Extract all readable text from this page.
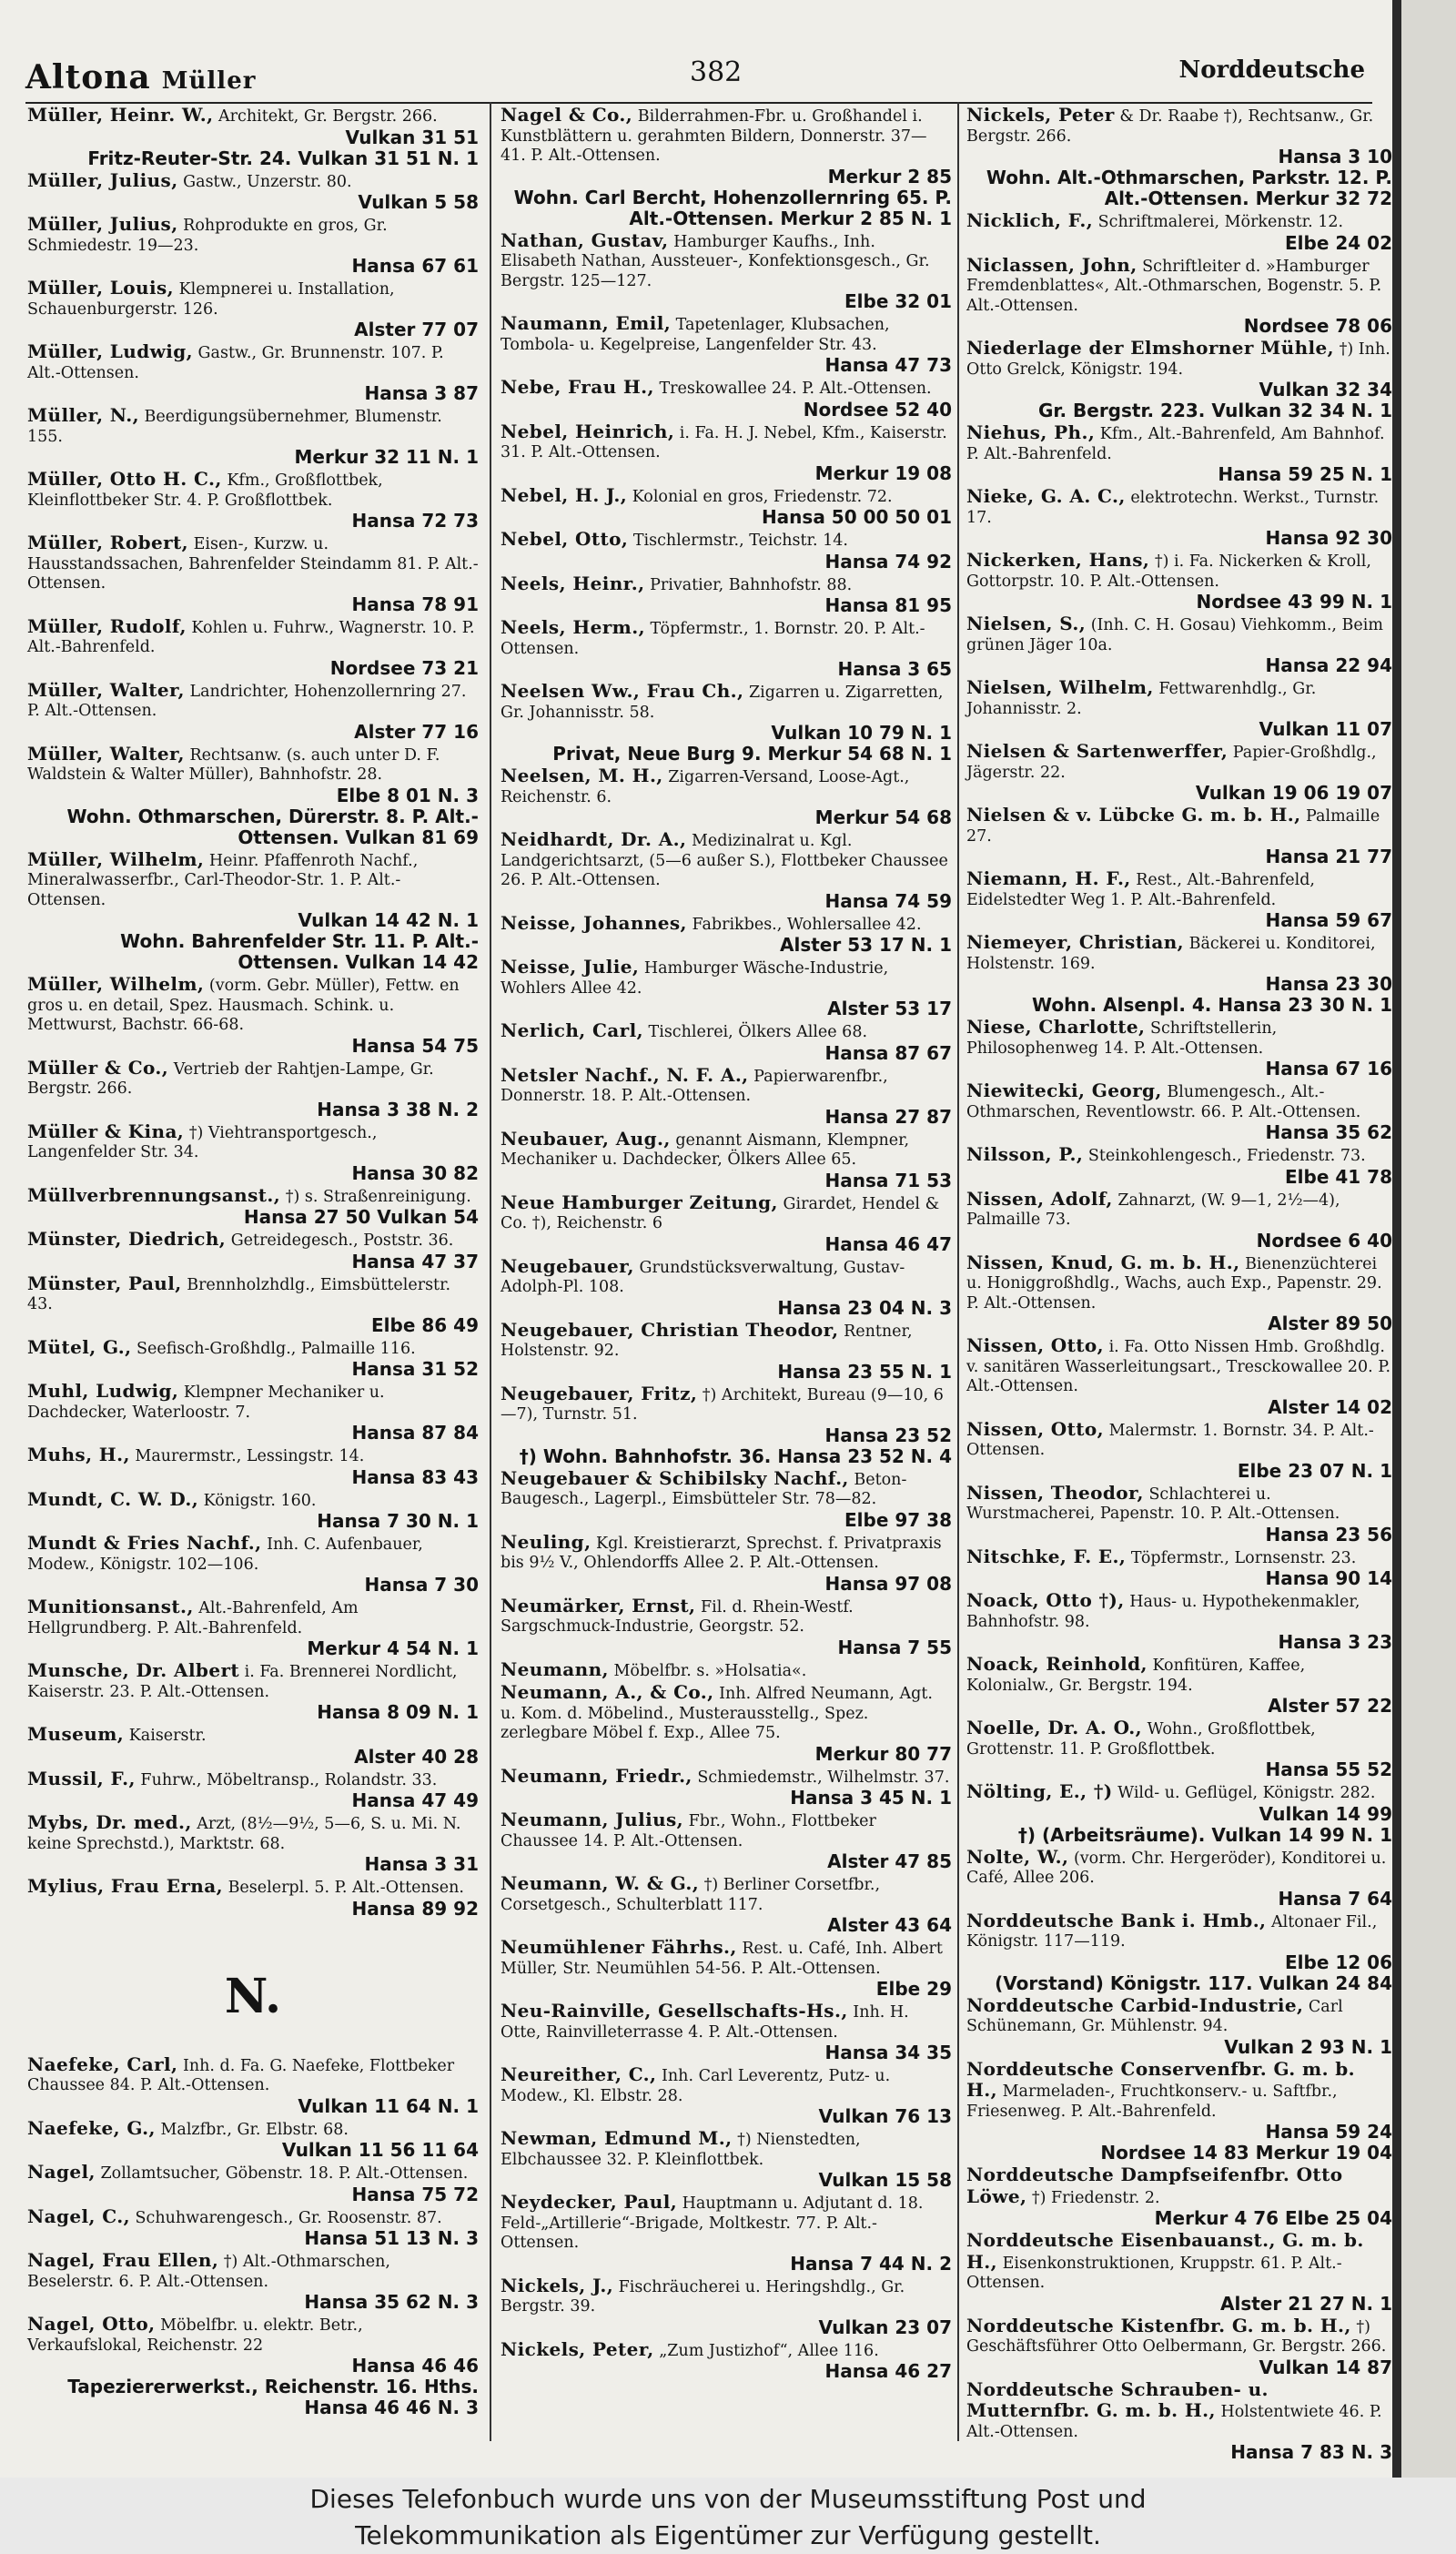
Altona Müller	382	Norddeutsche
Müller, Heinr. W., Architekt, Gr. Bergstr. 266.
Vulkan 31 51
Fritz-Reuter-Str. 24. Vulkan 31 51 N. 1
Müller, Julius, Gastw., Unzerstr. 80.
Vulkan 5 58
Müller, Julius, Rohprodukte en gros, Gr. Schmiedestr. 19—23.
Hansa 67 61
Müller, Louis, Klempnerei u. Installation, Schauenburgerstr. 126.
Alster 77 07
Müller, Ludwig, Gastw., Gr. Brunnenstr. 107. P. Alt.-Ottensen.
Hansa 3 87
Müller, N., Beerdigungsübernehmer, Blumenstr. 155.
Merkur 32 11 N. 1
Müller, Otto H. C., Kfm., Großflottbek, Kleinflottbeker Str. 4. P. Großflottbek.
Hansa 72 73
Müller, Robert, Eisen-, Kurzw. u. Hausstandssachen, Bahrenfelder Steindamm 81. P. Alt.-Ottensen.
Hansa 78 91
Müller, Rudolf, Kohlen u. Fuhrw., Wagnerstr. 10. P. Alt.-Bahrenfeld.
Nordsee 73 21
Müller, Walter, Landrichter, Hohenzollernring 27. P. Alt.-Ottensen.
Alster 77 16
Müller, Walter, Rechtsanw. (s. auch unter D. F. Waldstein & Walter Müller), Bahnhofstr. 28.
Elbe 8 01 N. 3
Wohn. Othmarschen, Dürerstr. 8. P. Alt.-Ottensen. Vulkan 81 69
Müller, Wilhelm, Heinr. Pfaffenroth Nachf., Mineralwasserfbr., Carl-Theodor-Str. 1. P. Alt.-Ottensen.
Vulkan 14 42 N. 1
Wohn. Bahrenfelder Str. 11. P. Alt.-Ottensen. Vulkan 14 42
Müller, Wilhelm, (vorm. Gebr. Müller), Fettw. en gros u. en detail, Spez. Hausmach. Schink. u. Mettwurst, Bachstr. 66-68.
Hansa 54 75
Müller & Co., Vertrieb der Rahtjen-Lampe, Gr. Bergstr. 266.
Hansa 3 38 N. 2
Müller & Kina, †) Viehtransportgesch., Langenfelder Str. 34.
Hansa 30 82
Müllverbrennungsanst., †) s. Straßenreinigung.
Hansa 27 50 Vulkan 54
Münster, Diedrich, Getreidegesch., Poststr. 36.
Hansa 47 37
Münster, Paul, Brennholzhdlg., Eimsbüttelerstr. 43.
Elbe 86 49
Mütel, G., Seefisch-Großhdlg., Palmaille 116.
Hansa 31 52
Muhl, Ludwig, Klempner Mechaniker u. Dachdecker, Waterloostr. 7.
Hansa 87 84
Muhs, H., Maurermstr., Lessingstr. 14.
Hansa 83 43
Mundt, C. W. D., Königstr. 160.
Hansa 7 30 N. 1
Mundt & Fries Nachf., Inh. C. Aufenbauer, Modew., Königstr. 102—106.
Hansa 7 30
Munitionsanst., Alt.-Bahrenfeld, Am Hellgrundberg. P. Alt.-Bahrenfeld.
Merkur 4 54 N. 1
Munsche, Dr. Albert i. Fa. Brennerei Nordlicht, Kaiserstr. 23. P. Alt.-Ottensen.
Hansa 8 09 N. 1
Museum, Kaiserstr.
Alster 40 28
Mussil, F., Fuhrw., Möbeltransp., Rolandstr. 33.
Hansa 47 49
Mybs, Dr. med., Arzt, (8½—9½, 5—6, S. u. Mi. N. keine Sprechstd.), Marktstr. 68.
Hansa 3 31
Mylius, Frau Erna, Beselerpl. 5. P. Alt.-Ottensen.
Hansa 89 92
N.
Naefeke, Carl, Inh. d. Fa. G. Naefeke, Flottbeker Chaussee 84. P. Alt.-Ottensen.
Vulkan 11 64 N. 1
Naefeke, G., Malzfbr., Gr. Elbstr. 68.
Vulkan 11 56 11 64
Nagel, Zollamtsucher, Göbenstr. 18. P. Alt.-Ottensen.
Hansa 75 72
Nagel, C., Schuhwarengesch., Gr. Roosenstr. 87.
Hansa 51 13 N. 3
Nagel, Frau Ellen, †) Alt.-Othmarschen, Beselerstr. 6. P. Alt.-Ottensen.
Hansa 35 62 N. 3
Nagel, Otto, Möbelfbr. u. elektr. Betr., Verkaufslokal, Reichenstr. 22
Hansa 46 46
Tapeziererwerkst., Reichenstr. 16. Hths. Hansa 46 46 N. 3
Nagel & Co., Bilderrahmen-Fbr. u. Großhandel i. Kunstblättern u. gerahmten Bildern, Donnerstr. 37—41. P. Alt.-Ottensen.
Merkur 2 85
Wohn. Carl Bercht, Hohenzollernring 65. P. Alt.-Ottensen. Merkur 2 85 N. 1
Nathan, Gustav, Hamburger Kaufhs., Inh. Elisabeth Nathan, Aussteuer-, Konfektionsgesch., Gr. Bergstr. 125—127.
Elbe 32 01
Naumann, Emil, Tapetenlager, Klubsachen, Tombola- u. Kegelpreise, Langenfelder Str. 43.
Hansa 47 73
Nebe, Frau H., Treskowallee 24. P. Alt.-Ottensen.
Nordsee 52 40
Nebel, Heinrich, i. Fa. H. J. Nebel, Kfm., Kaiserstr. 31. P. Alt.-Ottensen.
Merkur 19 08
Nebel, H. J., Kolonial en gros, Friedenstr. 72.
Hansa 50 00 50 01
Nebel, Otto, Tischlermstr., Teichstr. 14.
Hansa 74 92
Neels, Heinr., Privatier, Bahnhofstr. 88.
Hansa 81 95
Neels, Herm., Töpfermstr., 1. Bornstr. 20. P. Alt.-Ottensen.
Hansa 3 65
Neelsen Ww., Frau Ch., Zigarren u. Zigarretten, Gr. Johannisstr. 58.
Vulkan 10 79 N. 1
Privat, Neue Burg 9. Merkur 54 68 N. 1
Neelsen, M. H., Zigarren-Versand, Loose-Agt., Reichenstr. 6.
Merkur 54 68
Neidhardt, Dr. A., Medizinalrat u. Kgl. Landgerichtsarzt, (5—6 außer S.), Flottbeker Chaussee 26. P. Alt.-Ottensen.
Hansa 74 59
Neisse, Johannes, Fabrikbes., Wohlersallee 42.
Alster 53 17 N. 1
Neisse, Julie, Hamburger Wäsche-Industrie, Wohlers Allee 42.
Alster 53 17
Nerlich, Carl, Tischlerei, Ölkers Allee 68.
Hansa 87 67
Netsler Nachf., N. F. A., Papierwarenfbr., Donnerstr. 18. P. Alt.-Ottensen.
Hansa 27 87
Neubauer, Aug., genannt Aismann, Klempner, Mechaniker u. Dachdecker, Ölkers Allee 65.
Hansa 71 53
Neue Hamburger Zeitung, Girardet, Hendel & Co. †), Reichenstr. 6
Hansa 46 47
Neugebauer, Grundstücksverwaltung, Gustav-Adolph-Pl. 108.
Hansa 23 04 N. 3
Neugebauer, Christian Theodor, Rentner, Holstenstr. 92.
Hansa 23 55 N. 1
Neugebauer, Fritz, †) Architekt, Bureau (9—10, 6—7), Turnstr. 51.
Hansa 23 52
†) Wohn. Bahnhofstr. 36. Hansa 23 52 N. 4
Neugebauer & Schibilsky Nachf., Beton-Baugesch., Lagerpl., Eimsbütteler Str. 78—82.
Elbe 97 38
Neuling, Kgl. Kreistierarzt, Sprechst. f. Privatpraxis bis 9½ V., Ohlendorffs Allee 2. P. Alt.-Ottensen.
Hansa 97 08
Neumärker, Ernst, Fil. d. Rhein-Westf. Sargschmuck-Industrie, Georgstr. 52.
Hansa 7 55
Neumann, Möbelfbr. s. »Holsatia«.
Neumann, A., & Co., Inh. Alfred Neumann, Agt. u. Kom. d. Möbelind., Musterausstellg., Spez. zerlegbare Möbel f. Exp., Allee 75.
Merkur 80 77
Neumann, Friedr., Schmiedemstr., Wilhelmstr. 37.
Hansa 3 45 N. 1
Neumann, Julius, Fbr., Wohn., Flottbeker Chaussee 14. P. Alt.-Ottensen.
Alster 47 85
Neumann, W. & G., †) Berliner Corsetfbr., Corsetgesch., Schulterblatt 117.
Alster 43 64
Neumühlener Fährhs., Rest. u. Café, Inh. Albert Müller, Str. Neumühlen 54-56. P. Alt.-Ottensen.
Elbe 29
Neu-Rainville, Gesellschafts-Hs., Inh. H. Otte, Rainvilleterrasse 4. P. Alt.-Ottensen.
Hansa 34 35
Neureither, C., Inh. Carl Leverentz, Putz- u. Modew., Kl. Elbstr. 28.
Vulkan 76 13
Newman, Edmund M., †) Nienstedten, Elbchaussee 32. P. Kleinflottbek.
Vulkan 15 58
Neydecker, Paul, Hauptmann u. Adjutant d. 18. Feld-„Artillerie“-Brigade, Moltkestr. 77. P. Alt.-Ottensen.
Hansa 7 44 N. 2
Nickels, J., Fischräucherei u. Heringshdlg., Gr. Bergstr. 39.
Vulkan 23 07
Nickels, Peter, „Zum Justizhof“, Allee 116.
Hansa 46 27
Nickels, Peter & Dr. Raabe †), Rechtsanw., Gr. Bergstr. 266.
Hansa 3 10
Wohn. Alt.-Othmarschen, Parkstr. 12. P. Alt.-Ottensen. Merkur 32 72
Nicklich, F., Schriftmalerei, Mörkenstr. 12.
Elbe 24 02
Niclassen, John, Schriftleiter d. »Hamburger Fremdenblattes«, Alt.-Othmarschen, Bogenstr. 5. P. Alt.-Ottensen.
Nordsee 78 06
Niederlage der Elmshorner Mühle, †) Inh. Otto Grelck, Königstr. 194.
Vulkan 32 34
Gr. Bergstr. 223. Vulkan 32 34 N. 1
Niehus, Ph., Kfm., Alt.-Bahrenfeld, Am Bahnhof. P. Alt.-Bahrenfeld.
Hansa 59 25 N. 1
Nieke, G. A. C., elektrotechn. Werkst., Turnstr. 17.
Hansa 92 30
Nickerken, Hans, †) i. Fa. Nickerken & Kroll, Gottorpstr. 10. P. Alt.-Ottensen.
Nordsee 43 99 N. 1
Nielsen, S., (Inh. C. H. Gosau) Viehkomm., Beim grünen Jäger 10a.
Hansa 22 94
Nielsen, Wilhelm, Fettwarenhdlg., Gr. Johannisstr. 2.
Vulkan 11 07
Nielsen & Sartenwerffer, Papier-Großhdlg., Jägerstr. 22.
Vulkan 19 06 19 07
Nielsen & v. Lübcke G. m. b. H., Palmaille 27.
Hansa 21 77
Niemann, H. F., Rest., Alt.-Bahrenfeld, Eidelstedter Weg 1. P. Alt.-Bahrenfeld.
Hansa 59 67
Niemeyer, Christian, Bäckerei u. Konditorei, Holstenstr. 169.
Hansa 23 30
Wohn. Alsenpl. 4. Hansa 23 30 N. 1
Niese, Charlotte, Schriftstellerin, Philosophenweg 14. P. Alt.-Ottensen.
Hansa 67 16
Niewitecki, Georg, Blumengesch., Alt.-Othmarschen, Reventlowstr. 66. P. Alt.-Ottensen.
Hansa 35 62
Nilsson, P., Steinkohlengesch., Friedenstr. 73.
Elbe 41 78
Nissen, Adolf, Zahnarzt, (W. 9—1, 2½—4), Palmaille 73.
Nordsee 6 40
Nissen, Knud, G. m. b. H., Bienenzüchterei u. Honiggroßhdlg., Wachs, auch Exp., Papenstr. 29. P. Alt.-Ottensen.
Alster 89 50
Nissen, Otto, i. Fa. Otto Nissen Hmb. Großhdlg. v. sanitären Wasserleitungsart., Tresckowallee 20. P. Alt.-Ottensen.
Alster 14 02
Nissen, Otto, Malermstr. 1. Bornstr. 34. P. Alt.-Ottensen.
Elbe 23 07 N. 1
Nissen, Theodor, Schlachterei u. Wurstmacherei, Papenstr. 10. P. Alt.-Ottensen.
Hansa 23 56
Nitschke, F. E., Töpfermstr., Lornsenstr. 23.
Hansa 90 14
Noack, Otto †), Haus- u. Hypothekenmakler, Bahnhofstr. 98.
Hansa 3 23
Noack, Reinhold, Konfitüren, Kaffee, Kolonialw., Gr. Bergstr. 194.
Alster 57 22
Noelle, Dr. A. O., Wohn., Großflottbek, Grottenstr. 11. P. Großflottbek.
Hansa 55 52
Nölting, E., †) Wild- u. Geflügel, Königstr. 282.
Vulkan 14 99
†) (Arbeitsräume). Vulkan 14 99 N. 1
Nolte, W., (vorm. Chr. Hergeröder), Konditorei u. Café, Allee 206.
Hansa 7 64
Norddeutsche Bank i. Hmb., Altonaer Fil., Königstr. 117—119.
Elbe 12 06
(Vorstand) Königstr. 117. Vulkan 24 84
Norddeutsche Carbid-Industrie, Carl Schünemann, Gr. Mühlenstr. 94.
Vulkan 2 93 N. 1
Norddeutsche Conservenfbr. G. m. b. H., Marmeladen-, Fruchtkonserv.- u. Saftfbr., Friesenweg. P. Alt.-Bahrenfeld.
Hansa 59 24
Nordsee 14 83 Merkur 19 04
Norddeutsche Dampfseifenfbr. Otto Löwe, †) Friedenstr. 2.
Merkur 4 76 Elbe 25 04
Norddeutsche Eisenbauanst., G. m. b. H., Eisenkonstruktionen, Kruppstr. 61. P. Alt.-Ottensen.
Alster 21 27 N. 1
Norddeutsche Kistenfbr. G. m. b. H., †) Geschäftsführer Otto Oelbermann, Gr. Bergstr. 266.
Vulkan 14 87
Norddeutsche Schrauben- u. Mutternfbr. G. m. b. H., Holstentwiete 46. P. Alt.-Ottensen.
Hansa 7 83 N. 3

Dieses Telefonbuch wurde uns von der Museumsstiftung Post und

Telekommunikation als Eigentümer zur Verfügung gestellt.
